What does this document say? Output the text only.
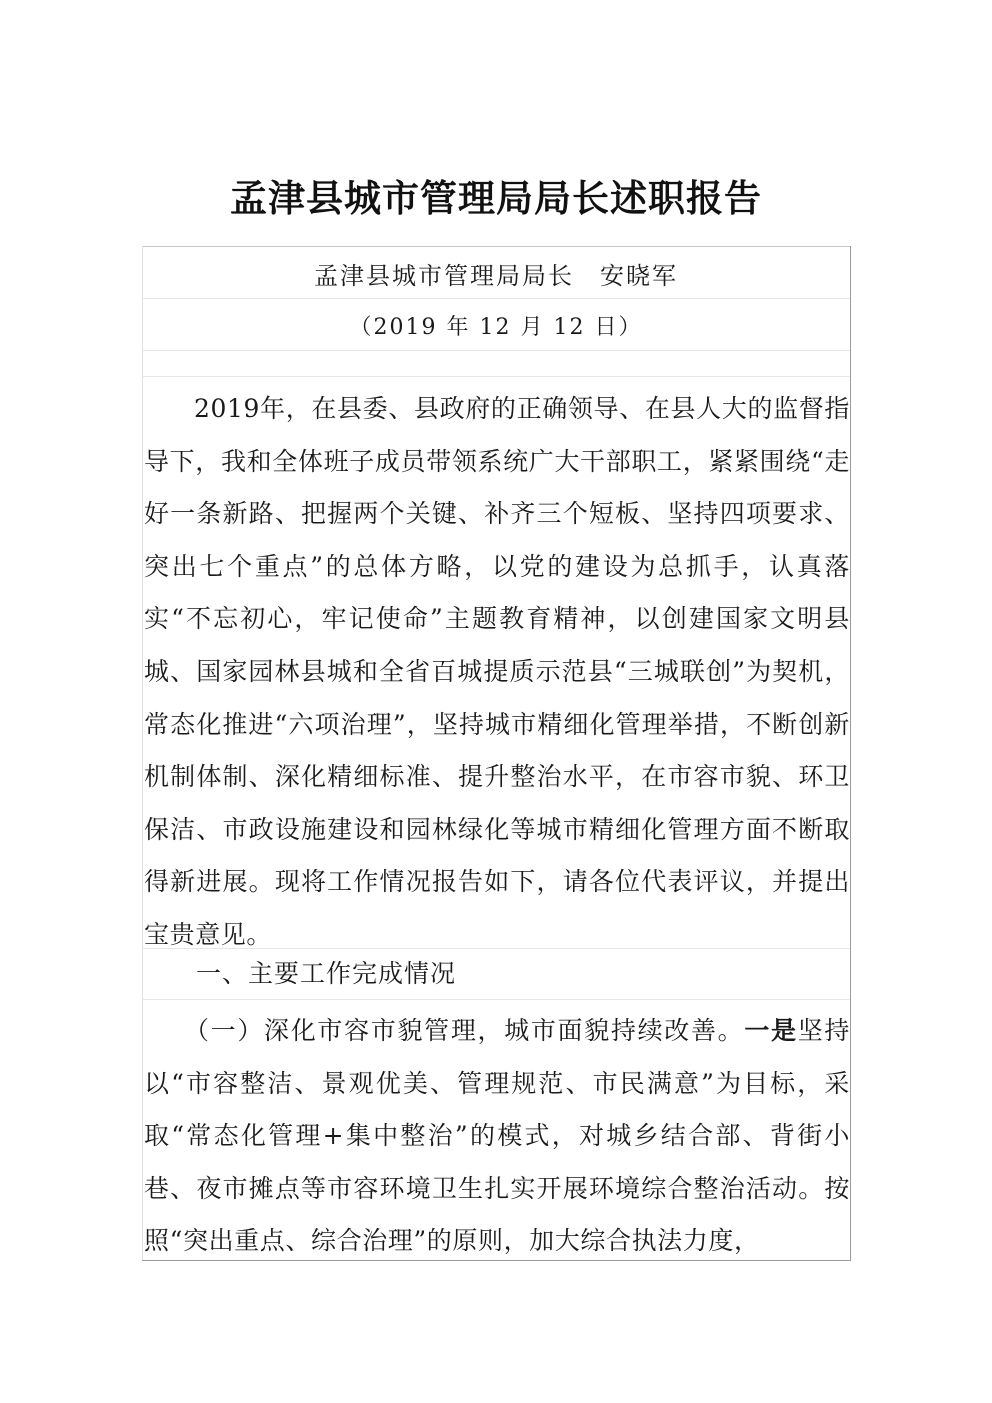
孟津县城市管理局局长述职报告
孟津县城市管理局局长　安晓军
（2019 年 12 月 12 日）
2019年，在县委、县政府的正确领导、在县人大的监督指导下，我和全体班子成员带领系统广大干部职工，紧紧围绕“走好一条新路、把握两个关键、补齐三个短板、坚持四项要求、突出七个重点”的总体方略，以党的建设为总抓手，认真落实“不忘初心，牢记使命”主题教育精神，以创建国家文明县城、国家园林县城和全省百城提质示范县“三城联创”为契机，常态化推进“六项治理”，坚持城市精细化管理举措，不断创新机制体制、深化精细标准、提升整治水平，在市容市貌、环卫保洁、市政设施建设和园林绿化等城市精细化管理方面不断取得新进展。现将工作情况报告如下，请各位代表评议，并提出宝贵意见。
一、主要工作完成情况
（一）深化市容市貌管理，城市面貌持续改善。一是坚持以“市容整洁、景观优美、管理规范、市民满意”为目标，采取“常态化管理+集中整治”的模式，对城乡结合部、背街小巷、夜市摊点等市容环境卫生扎实开展环境综合整治活动。按照“突出重点、综合治理”的原则，加大综合执法力度，
